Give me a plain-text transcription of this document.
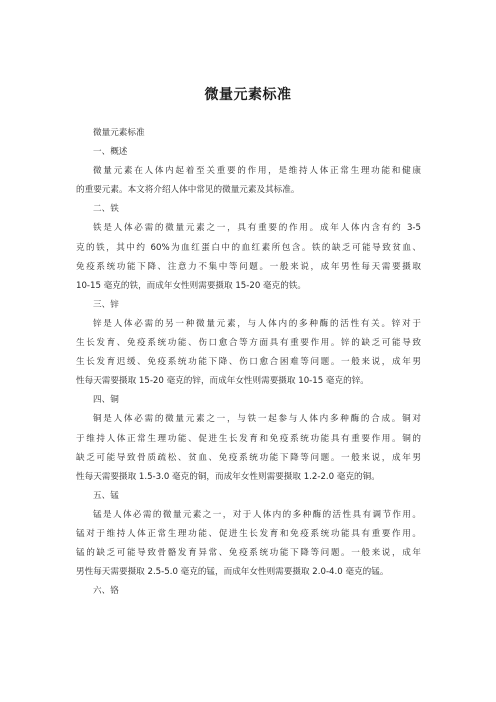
微量元素标准
微量元素标准
一、概述
微量元素在人体内起着至关重要的作用，是维持人体正常生理功能和健康
的重要元素。本文将介绍人体中常见的微量元素及其标准。
二、铁
铁是人体必需的微量元素之一，具有重要的作用。成年人体内含有约 3-5
克的铁，其中约 60%为血红蛋白中的血红素所包含。铁的缺乏可能导致贫血、
免疫系统功能下降、注意力不集中等问题。一般来说，成年男性每天需要摄取
10-15 毫克的铁，而成年女性则需要摄取 15-20 毫克的铁。
三、锌
锌是人体必需的另一种微量元素，与人体内的多种酶的活性有关。锌对于
生长发育、免疫系统功能、伤口愈合等方面具有重要作用。锌的缺乏可能导致
生长发育迟缓、免疫系统功能下降、伤口愈合困难等问题。一般来说，成年男
性每天需要摄取 15-20 毫克的锌，而成年女性则需要摄取 10-15 毫克的锌。
四、铜
铜是人体必需的微量元素之一，与铁一起参与人体内多种酶的合成。铜对
于维持人体正常生理功能、促进生长发育和免疫系统功能具有重要作用。铜的
缺乏可能导致骨质疏松、贫血、免疫系统功能下降等问题。一般来说，成年男
性每天需要摄取 1.5-3.0 毫克的铜，而成年女性则需要摄取 1.2-2.0 毫克的铜。
五、锰
锰是人体必需的微量元素之一，对于人体内的多种酶的活性具有调节作用。
锰对于维持人体正常生理功能、促进生长发育和免疫系统功能具有重要作用。
锰的缺乏可能导致骨骼发育异常、免疫系统功能下降等问题。一般来说，成年
男性每天需要摄取 2.5-5.0 毫克的锰，而成年女性则需要摄取 2.0-4.0 毫克的锰。
六、铬
